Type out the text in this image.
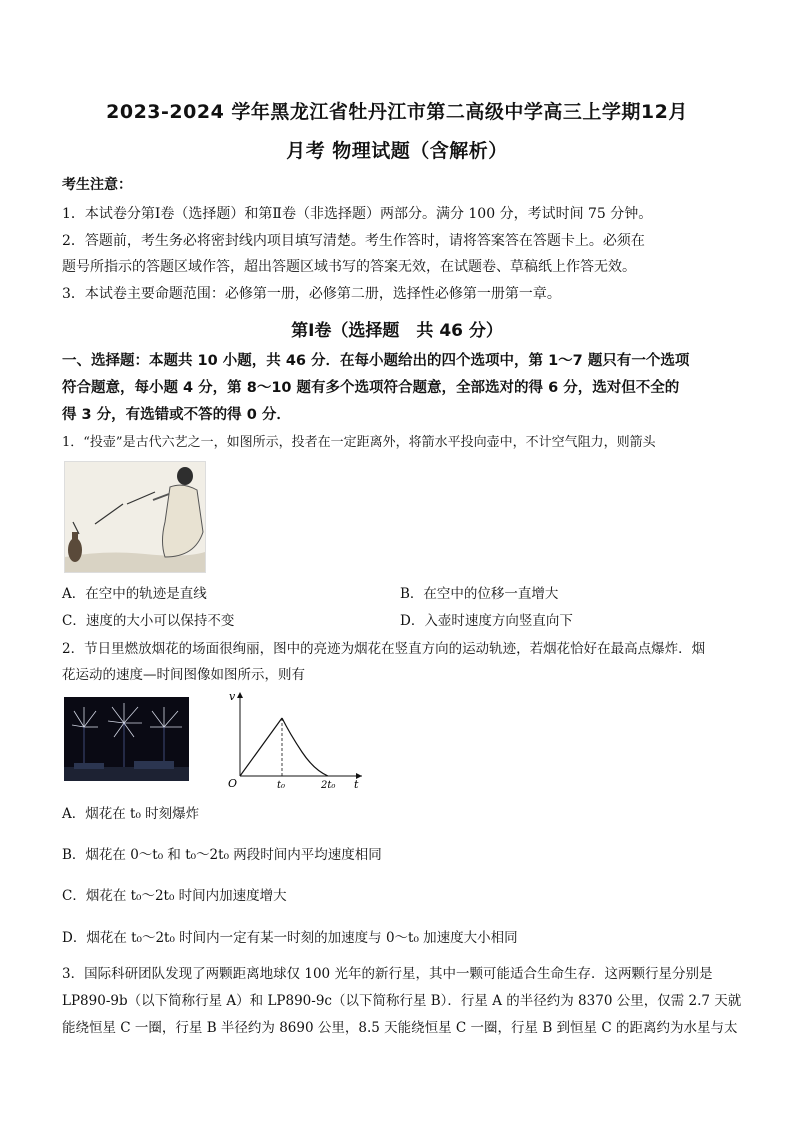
2023-2024 学年黑龙江省牡丹江市第二高级中学高三上学期12月
月考 物理试题（含解析）
考生注意：
1．本试卷分第Ⅰ卷（选择题）和第Ⅱ卷（非选择题）两部分。满分 100 分，考试时间 75 分钟。
2．答题前，考生务必将密封线内项目填写清楚。考生作答时，请将答案答在答题卡上。必须在
题号所指示的答题区域作答，超出答题区域书写的答案无效，在试题卷、草稿纸上作答无效。
3．本试卷主要命题范围：必修第一册，必修第二册，选择性必修第一册第一章。
第Ⅰ卷（选择题　共 46 分）
一、选择题：本题共 10 小题，共 46 分．在每小题给出的四个选项中，第 1～7 题只有一个选项
符合题意，每小题 4 分，第 8～10 题有多个选项符合题意，全部选对的得 6 分，选对但不全的
得 3 分，有选错或不答的得 0 分．
1．“投壶”是古代六艺之一，如图所示，投者在一定距离外，将箭水平投向壶中，不计空气阻力，则箭头
A．在空中的轨迹是直线	B．在空中的位移一直增大
C．速度的大小可以保持不变	D．入壶时速度方向竖直向下
2．节日里燃放烟花的场面很绚丽，图中的亮迹为烟花在竖直方向的运动轨迹，若烟花恰好在最高点爆炸．烟
花运动的速度—时间图像如图所示，则有
O
v
t
t₀	2t₀
A．烟花在 t₀ 时刻爆炸
B．烟花在 0～t₀ 和 t₀～2t₀ 两段时间内平均速度相同
C．烟花在 t₀～2t₀ 时间内加速度增大
D．烟花在 t₀～2t₀ 时间内一定有某一时刻的加速度与 0～t₀ 加速度大小相同
3．国际科研团队发现了两颗距离地球仅 100 光年的新行星，其中一颗可能适合生命生存．这两颗行星分别是
LP890-9b（以下简称行星 A）和 LP890-9c（以下简称行星 B）．行星 A 的半径约为 8370 公里，仅需 2.7 天就
能绕恒星 C 一圈，行星 B 半径约为 8690 公里，8.5 天能绕恒星 C 一圈，行星 B 到恒星 C 的距离约为水星与太
